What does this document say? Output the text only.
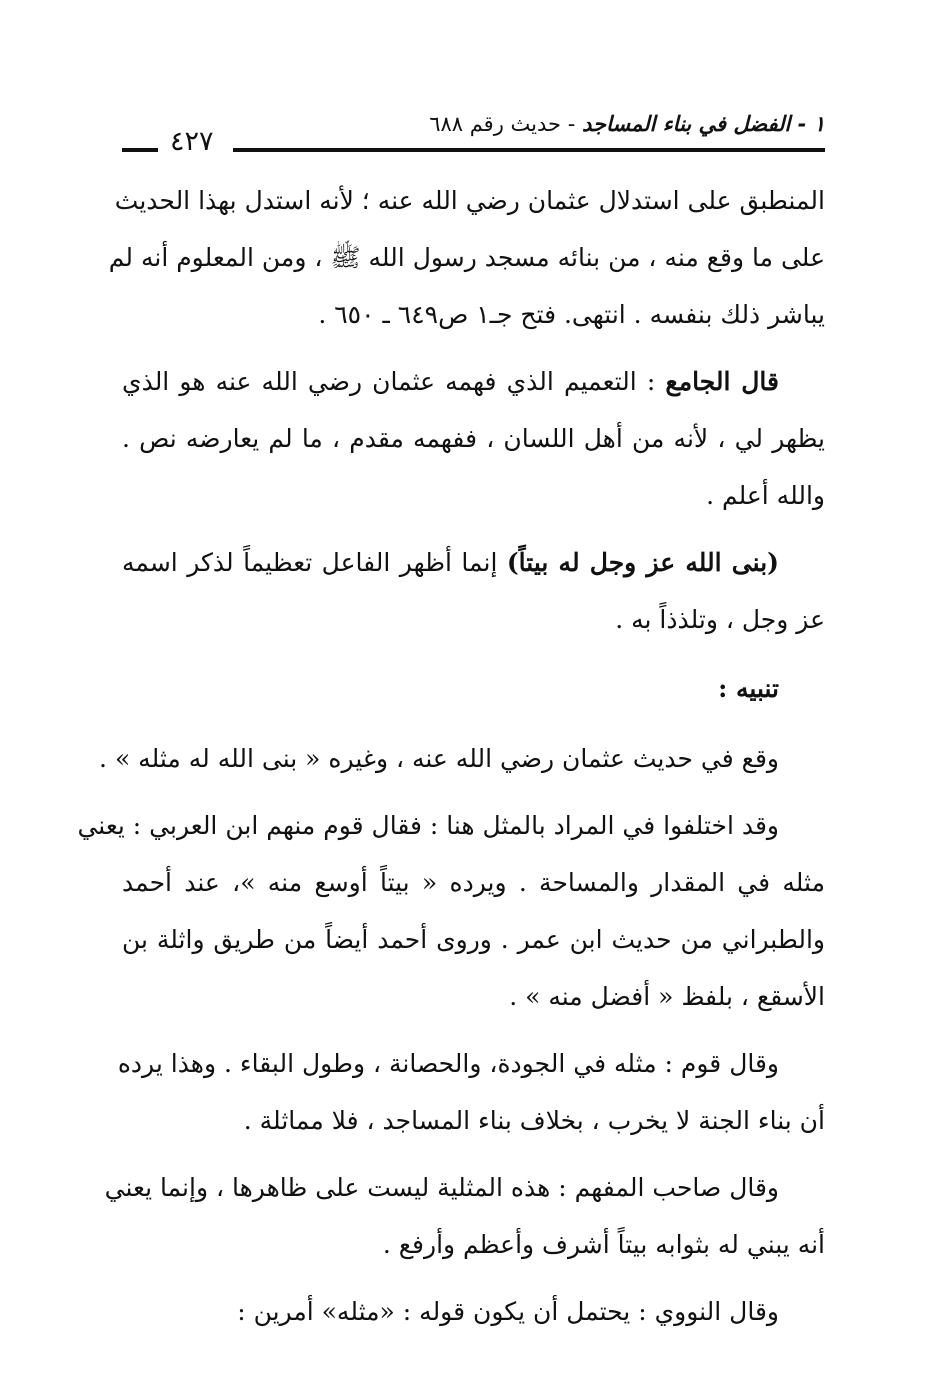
١ - الفضل في بناء المساجد - حديث رقم ٦٨٨
٤٢٧
المنطبق على استدلال عثمان رضي الله عنه ؛ لأنه استدل بهذا الحديث
على ما وقع منه ، من بنائه مسجد رسول الله ﷺ ، ومن المعلوم أنه لم
يباشر ذلك بنفسه . انتهى. فتح جـ١ ص٦٤٩ ـ ٦٥٠ .
قال الجامع : التعميم الذي فهمه عثمان رضي الله عنه هو الذي
يظهر لي ، لأنه من أهل اللسان ، ففهمه مقدم ، ما لم يعارضه نص .
والله أعلم .
(بنى الله عز وجل له بيتاً) إنما أظهر الفاعل تعظيماً لذكر اسمه
عز وجل ، وتلذذاً به .
تنبيه :
وقع في حديث عثمان رضي الله عنه ، وغيره « بنى الله له مثله » .
وقد اختلفوا في المراد بالمثل هنا : فقال قوم منهم ابن العربي : يعني
مثله في المقدار والمساحة . ويرده « بيتاً أوسع منه »، عند أحمد
والطبراني من حديث ابن عمر . وروى أحمد أيضاً من طريق واثلة بن
الأسقع ، بلفظ « أفضل منه » .
وقال قوم : مثله في الجودة، والحصانة ، وطول البقاء . وهذا يرده
أن بناء الجنة لا يخرب ، بخلاف بناء المساجد ، فلا مماثلة .
وقال صاحب المفهم : هذه المثلية ليست على ظاهرها ، وإنما يعني
أنه يبني له بثوابه بيتاً أشرف وأعظم وأرفع .
وقال النووي : يحتمل أن يكون قوله : «مثله» أمرين :
